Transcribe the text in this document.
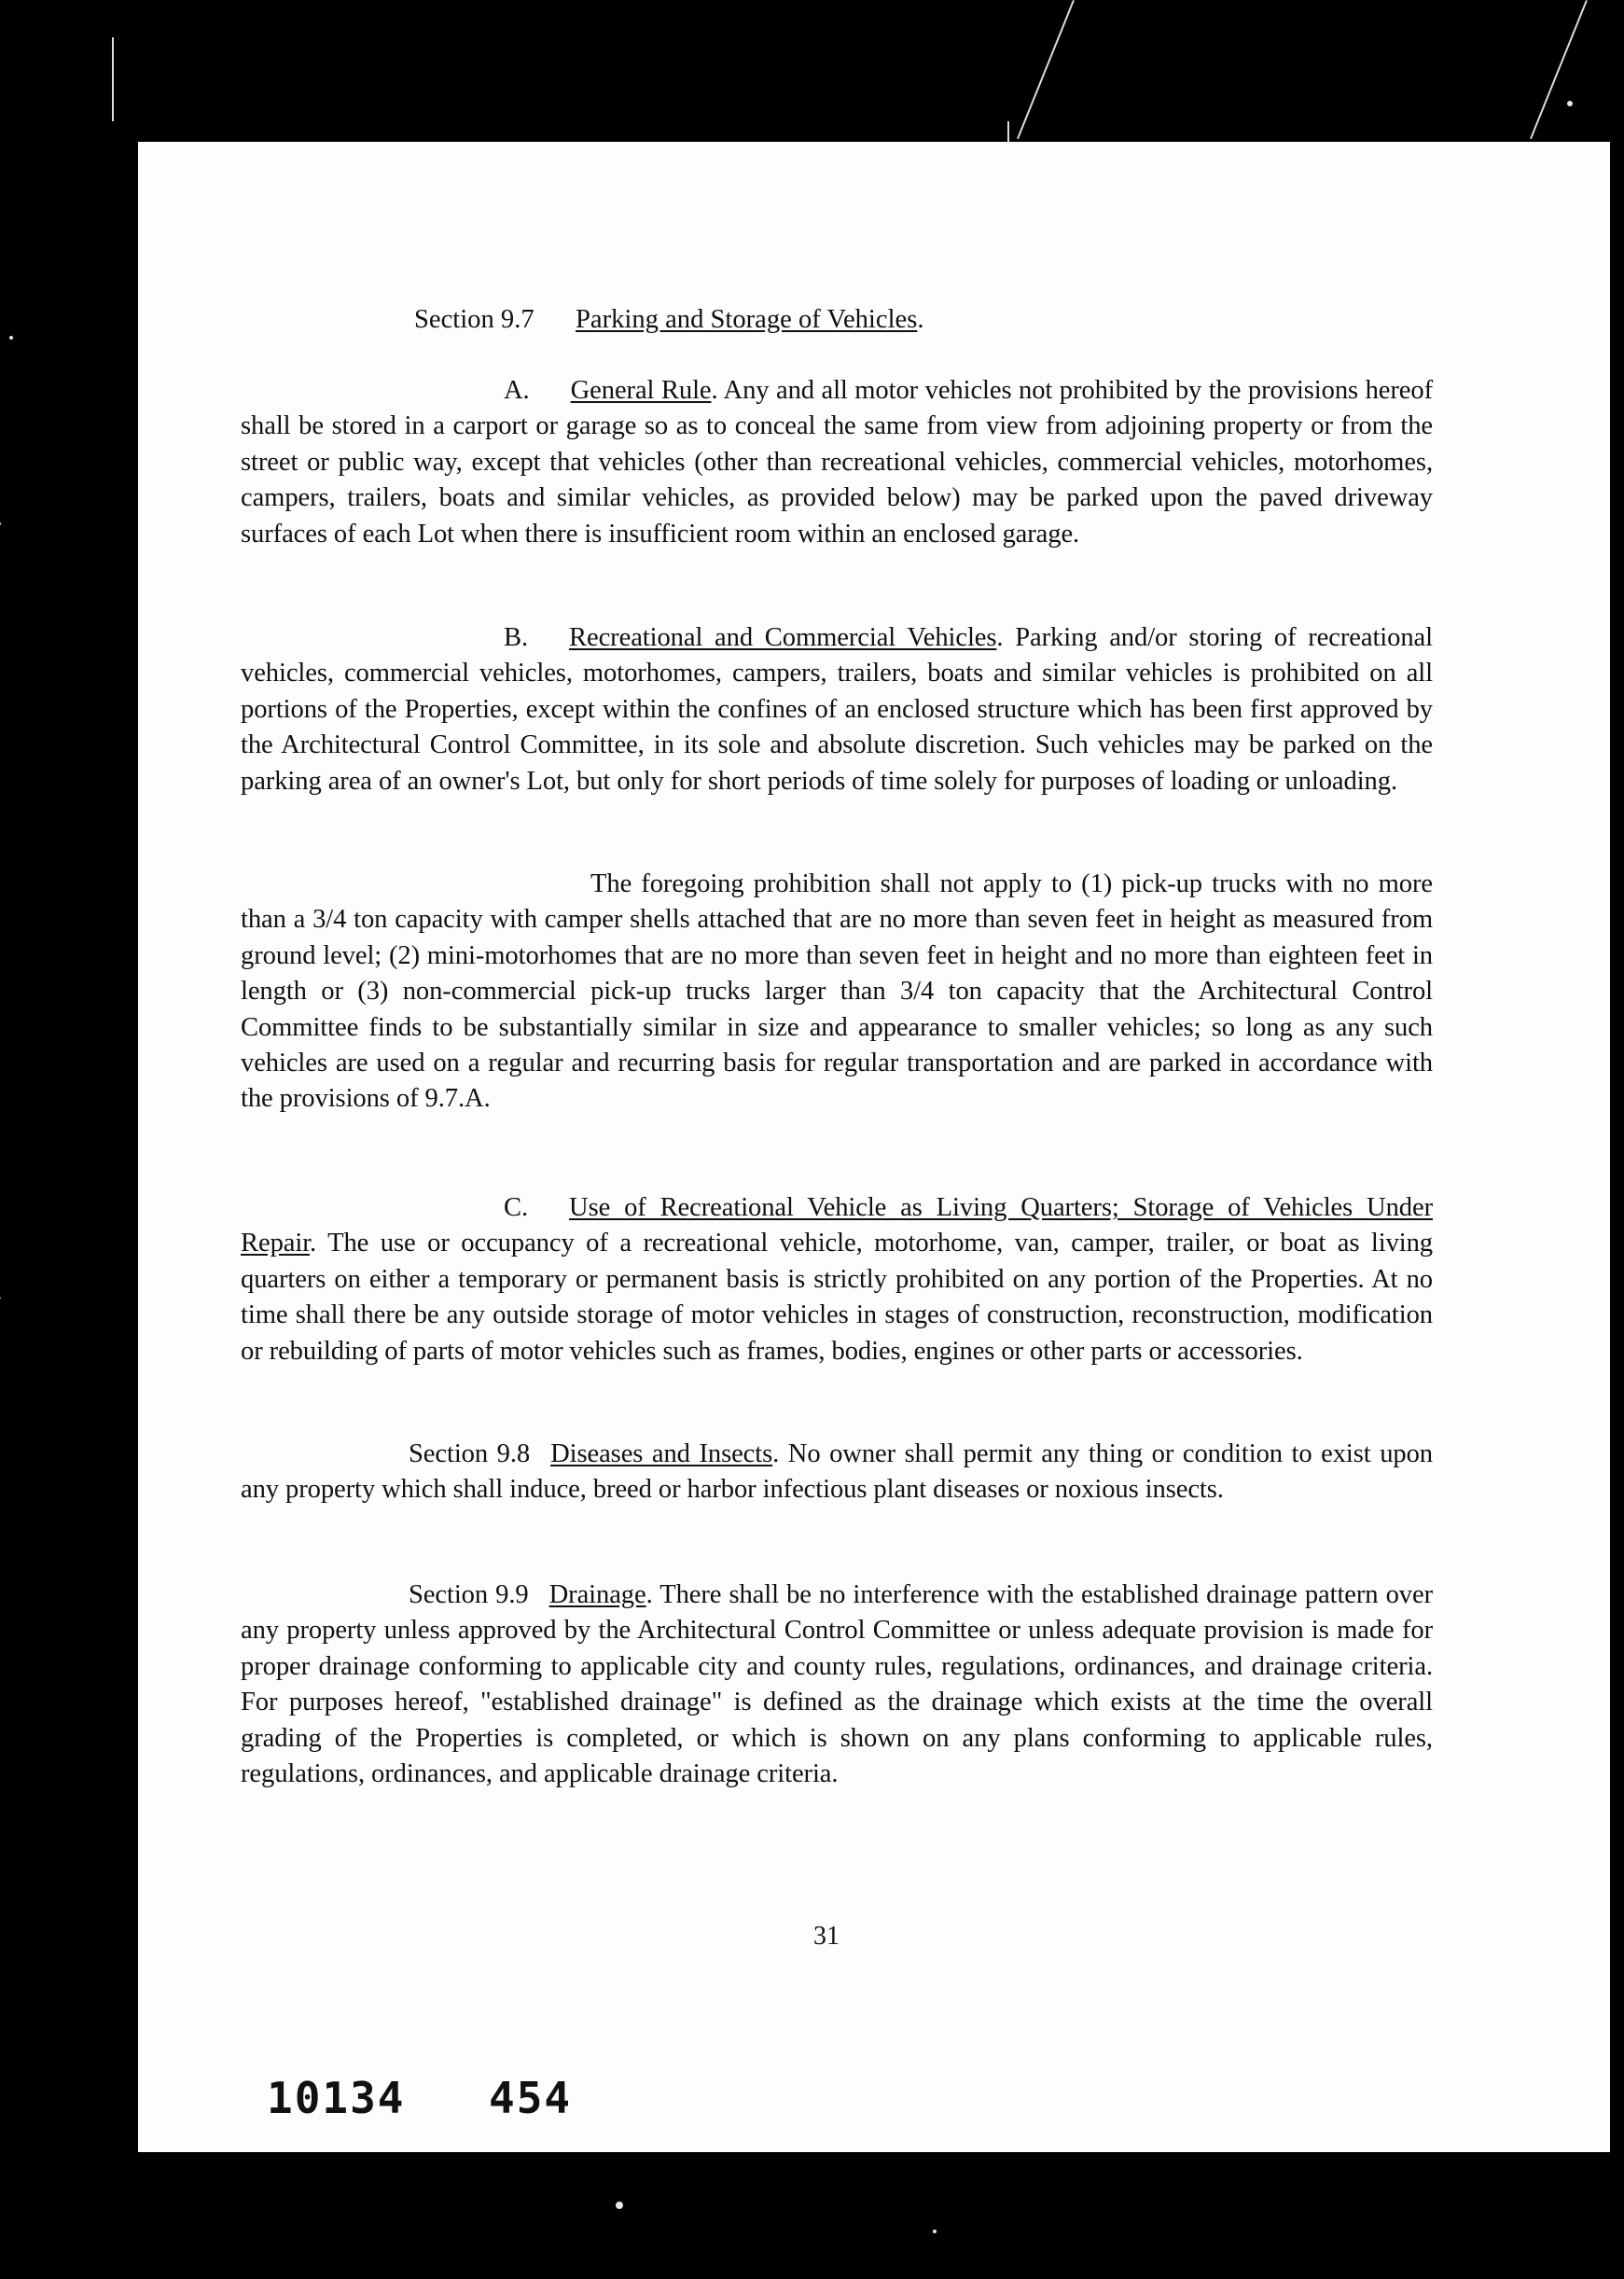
Section 9.7 Parking and Storage of Vehicles.

A. General Rule. Any and all motor vehicles not prohibited by the provisions hereof shall be stored in a carport or garage so as to conceal the same from view from adjoining property or from the street or public way, except that vehicles (other than recreational vehicles, commercial vehicles, motorhomes, campers, trailers, boats and similar vehicles, as provided below) may be parked upon the paved driveway surfaces of each Lot when there is insufficient room within an enclosed garage.

B. Recreational and Commercial Vehicles. Parking and/or storing of recreational vehicles, commercial vehicles, motorhomes, campers, trailers, boats and similar vehicles is prohibited on all portions of the Properties, except within the confines of an enclosed structure which has been first approved by the Architectural Control Committee, in its sole and absolute discretion. Such vehicles may be parked on the parking area of an owner's Lot, but only for short periods of time solely for purposes of loading or unloading.

The foregoing prohibition shall not apply to (1) pick-up trucks with no more than a 3/4 ton capacity with camper shells attached that are no more than seven feet in height as measured from ground level; (2) mini-motorhomes that are no more than seven feet in height and no more than eighteen feet in length or (3) non-commercial pick-up trucks larger than 3/4 ton capacity that the Architectural Control Committee finds to be substantially similar in size and appearance to smaller vehicles; so long as any such vehicles are used on a regular and recurring basis for regular transportation and are parked in accordance with the provisions of 9.7.A.

C. Use of Recreational Vehicle as Living Quarters; Storage of Vehicles Under Repair. The use or occupancy of a recreational vehicle, motorhome, van, camper, trailer, or boat as living quarters on either a temporary or permanent basis is strictly prohibited on any portion of the Properties. At no time shall there be any outside storage of motor vehicles in stages of construction, reconstruction, modification or rebuilding of parts of motor vehicles such as frames, bodies, engines or other parts or accessories.

Section 9.8 Diseases and Insects. No owner shall permit any thing or condition to exist upon any property which shall induce, breed or harbor infectious plant diseases or noxious insects.

Section 9.9 Drainage. There shall be no interference with the established drainage pattern over any property unless approved by the Architectural Control Committee or unless adequate provision is made for proper drainage conforming to applicable city and county rules, regulations, ordinances, and drainage criteria. For purposes hereof, "established drainage" is defined as the drainage which exists at the time the overall grading of the Properties is completed, or which is shown on any plans conforming to applicable rules, regulations, ordinances, and applicable drainage criteria.

31
10134 454
